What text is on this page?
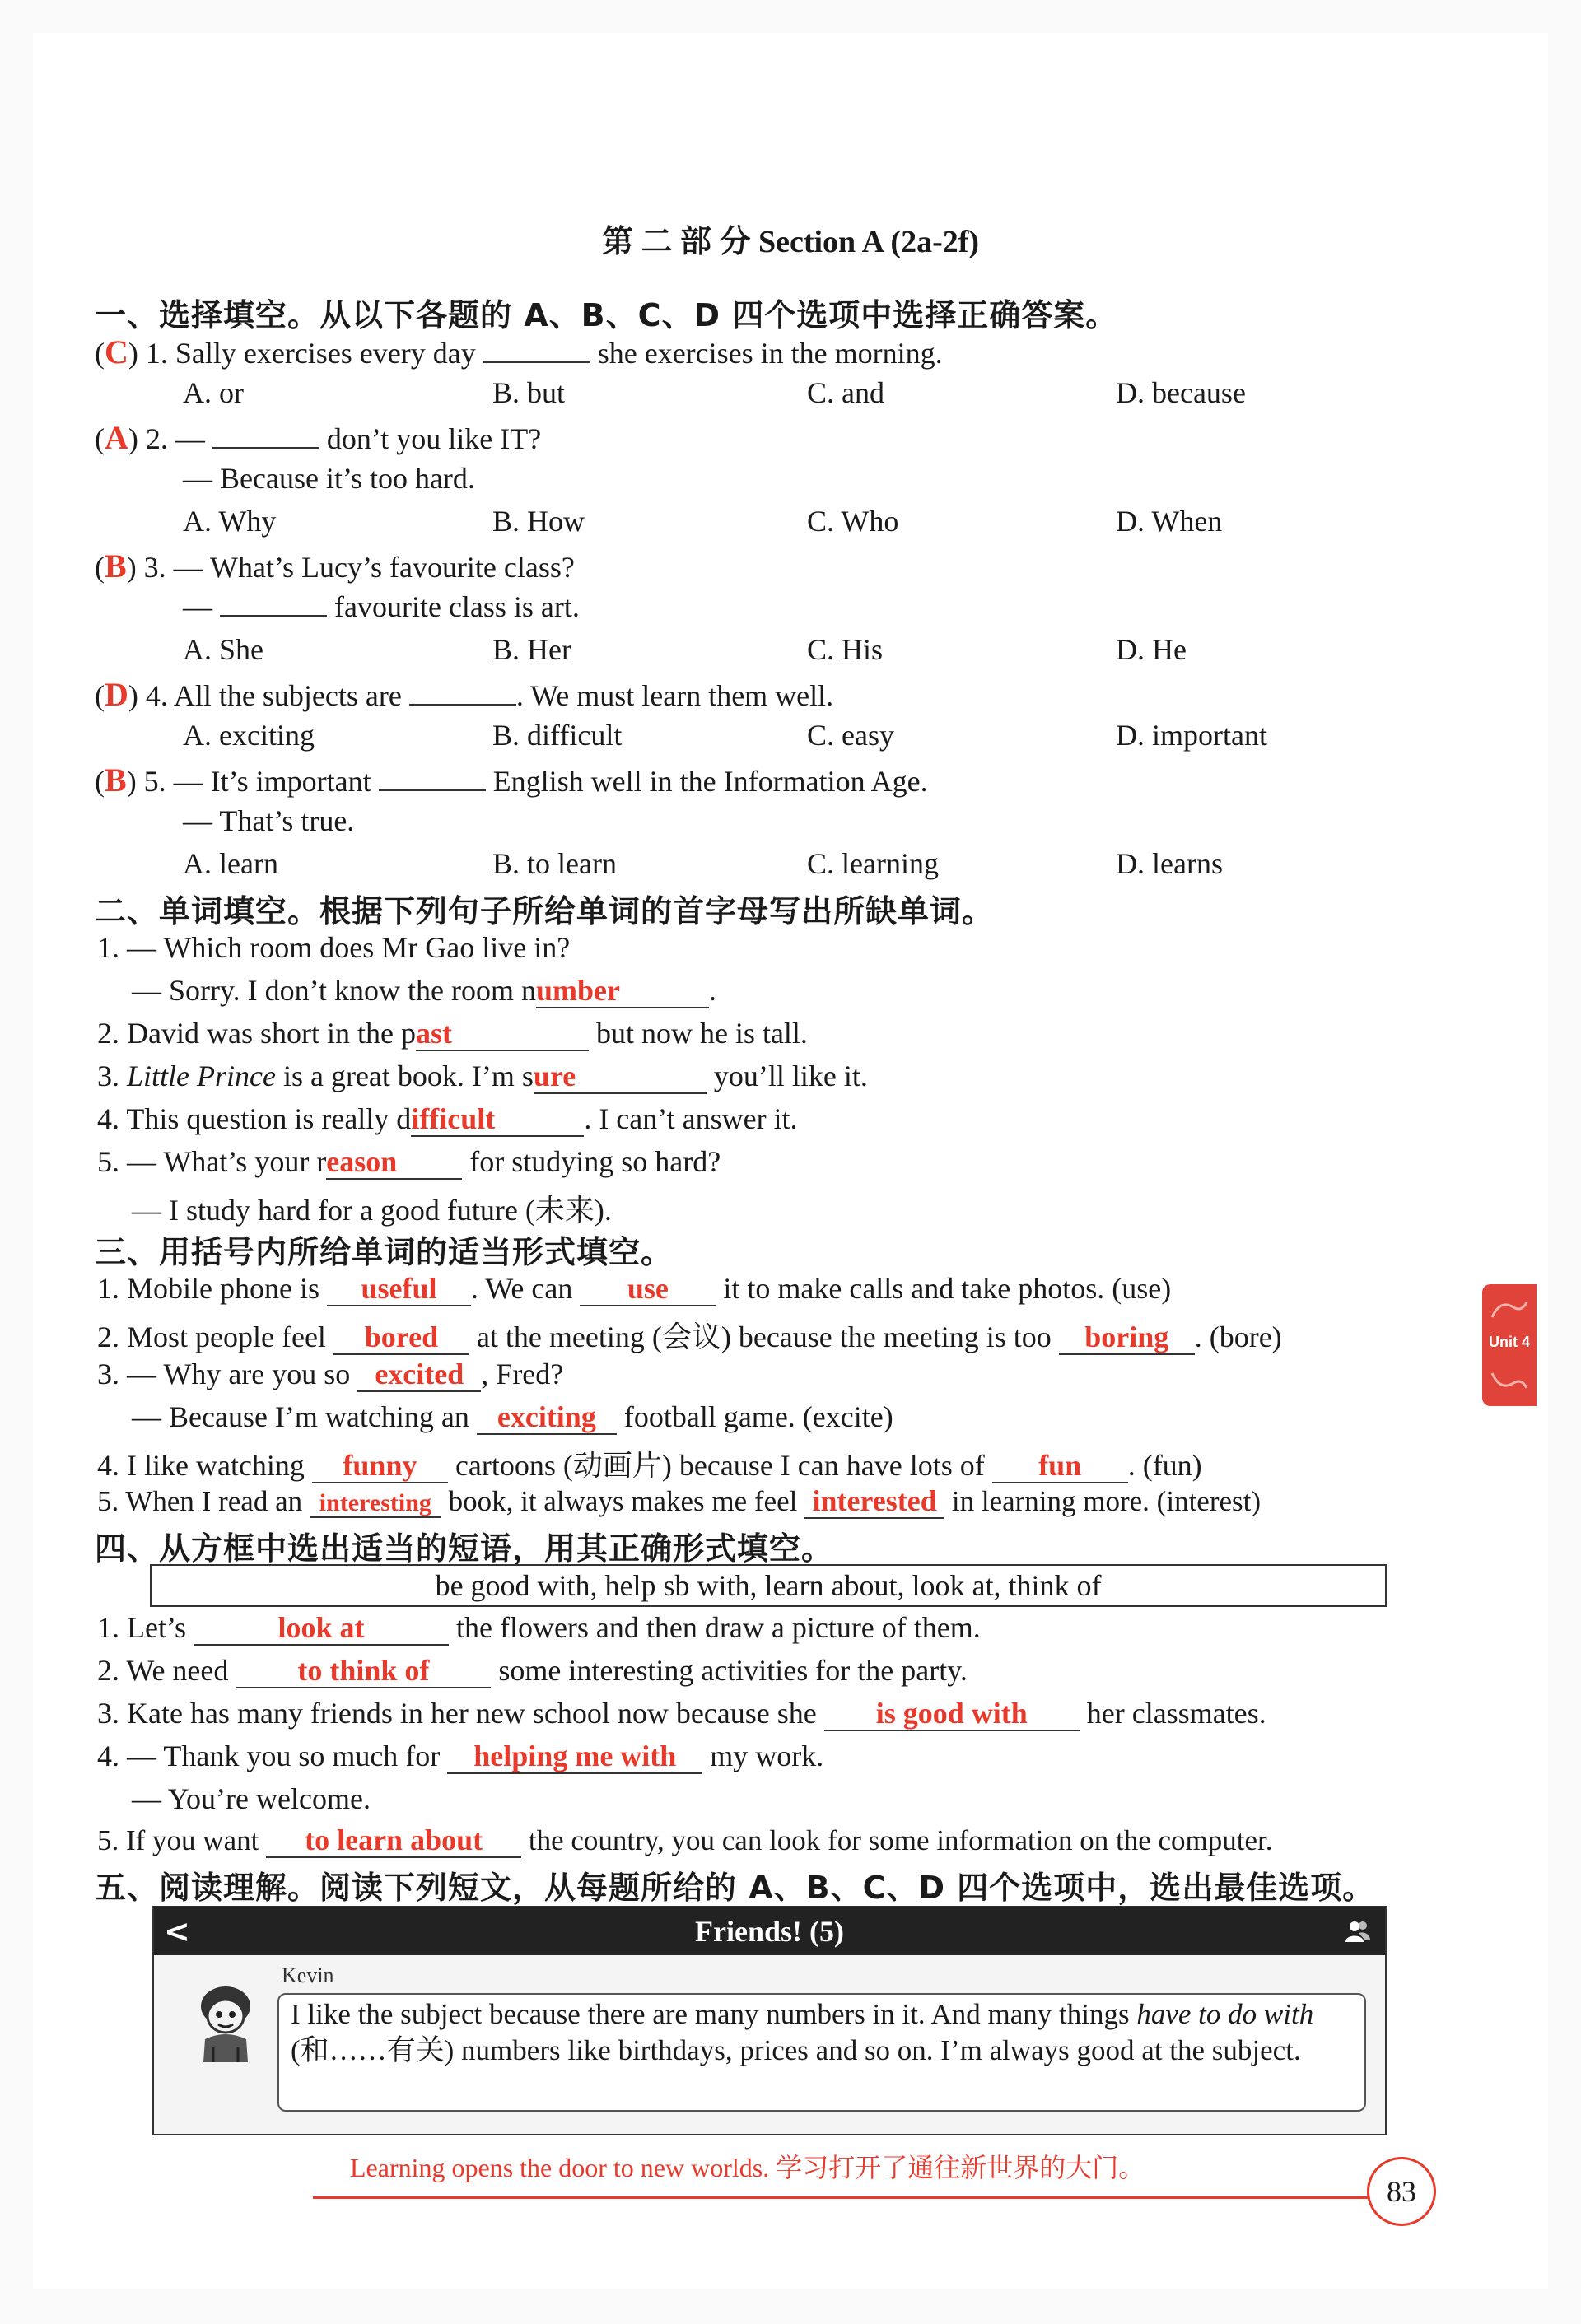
第 二 部 分 Section A (2a-2f)
一、选择填空。从以下各题的 A、B、C、D 四个选项中选择正确答案。
(C) 1. Sally exercises every day	she exercises in the morning.
A. or	B. but	C. and	D. because
(A) 2. —	don’t you like IT?
— Because it’s too hard.
A. Why	B. How	C. Who	D. When
(B) 3. — What’s Lucy’s favourite class?
—	favourite class is art.
A. She	B. Her	C. His	D. He
(D) 4. All the subjects are	. We must learn them well.
A. exciting	B. difficult	C. easy	D. important
(B) 5. — It’s important	English well in the Information Age.
— That’s true.
A. learn	B. to learn	C. learning	D. learns
二、单词填空。根据下列句子所给单词的首字母写出所缺单词。
1. — Which room does Mr Gao live in?
— Sorry. I don’t know the room number	.
2. David was short in the past	but now he is tall.
3. Little Prince is a great book. I’m sure	you’ll like it.
4. This question is really difficult	. I can’t answer it.
5. — What’s your reason for studying so hard?
— I study hard for a good future (未来).
三、用括号内所给单词的适当形式填空。
1. Mobile phone is useful . We can use it to make calls and take photos. (use)
2. Most people feel bored at the meeting (会议) because the meeting is too boring . (bore)
3. — Why are you so excited , Fred?
— Because I’m watching an exciting football game. (excite)
4. I like watching funny cartoons (动画片) because I can have lots of fun . (fun)
5. When I read an interesting book, it always makes me feel interested in learning more. (interest)
四、从方框中选出适当的短语，用其正确形式填空。
be good with, help sb with, learn about, look at, think of
1. Let’s	look at	the flowers and then draw a picture of them.
2. We need to think of some interesting activities for the party.
3. Kate has many friends in her new school now because she is good with her classmates.
4. — Thank you so much for helping me with my work.
— You’re welcome.
5. If you want to learn about the country, you can look for some information on the computer.
五、阅读理解。阅读下列短文，从每题所给的 A、B、C、D 四个选项中，选出最佳选项。
<	Friends! (5)
Kevin
I like the subject because there are many numbers in it. And many things have to do with (和……有关) numbers like birthdays, prices and so on. I’m always good at the subject.
Unit 4
Learning opens the door to new worlds. 学习打开了通往新世界的大门。
83
